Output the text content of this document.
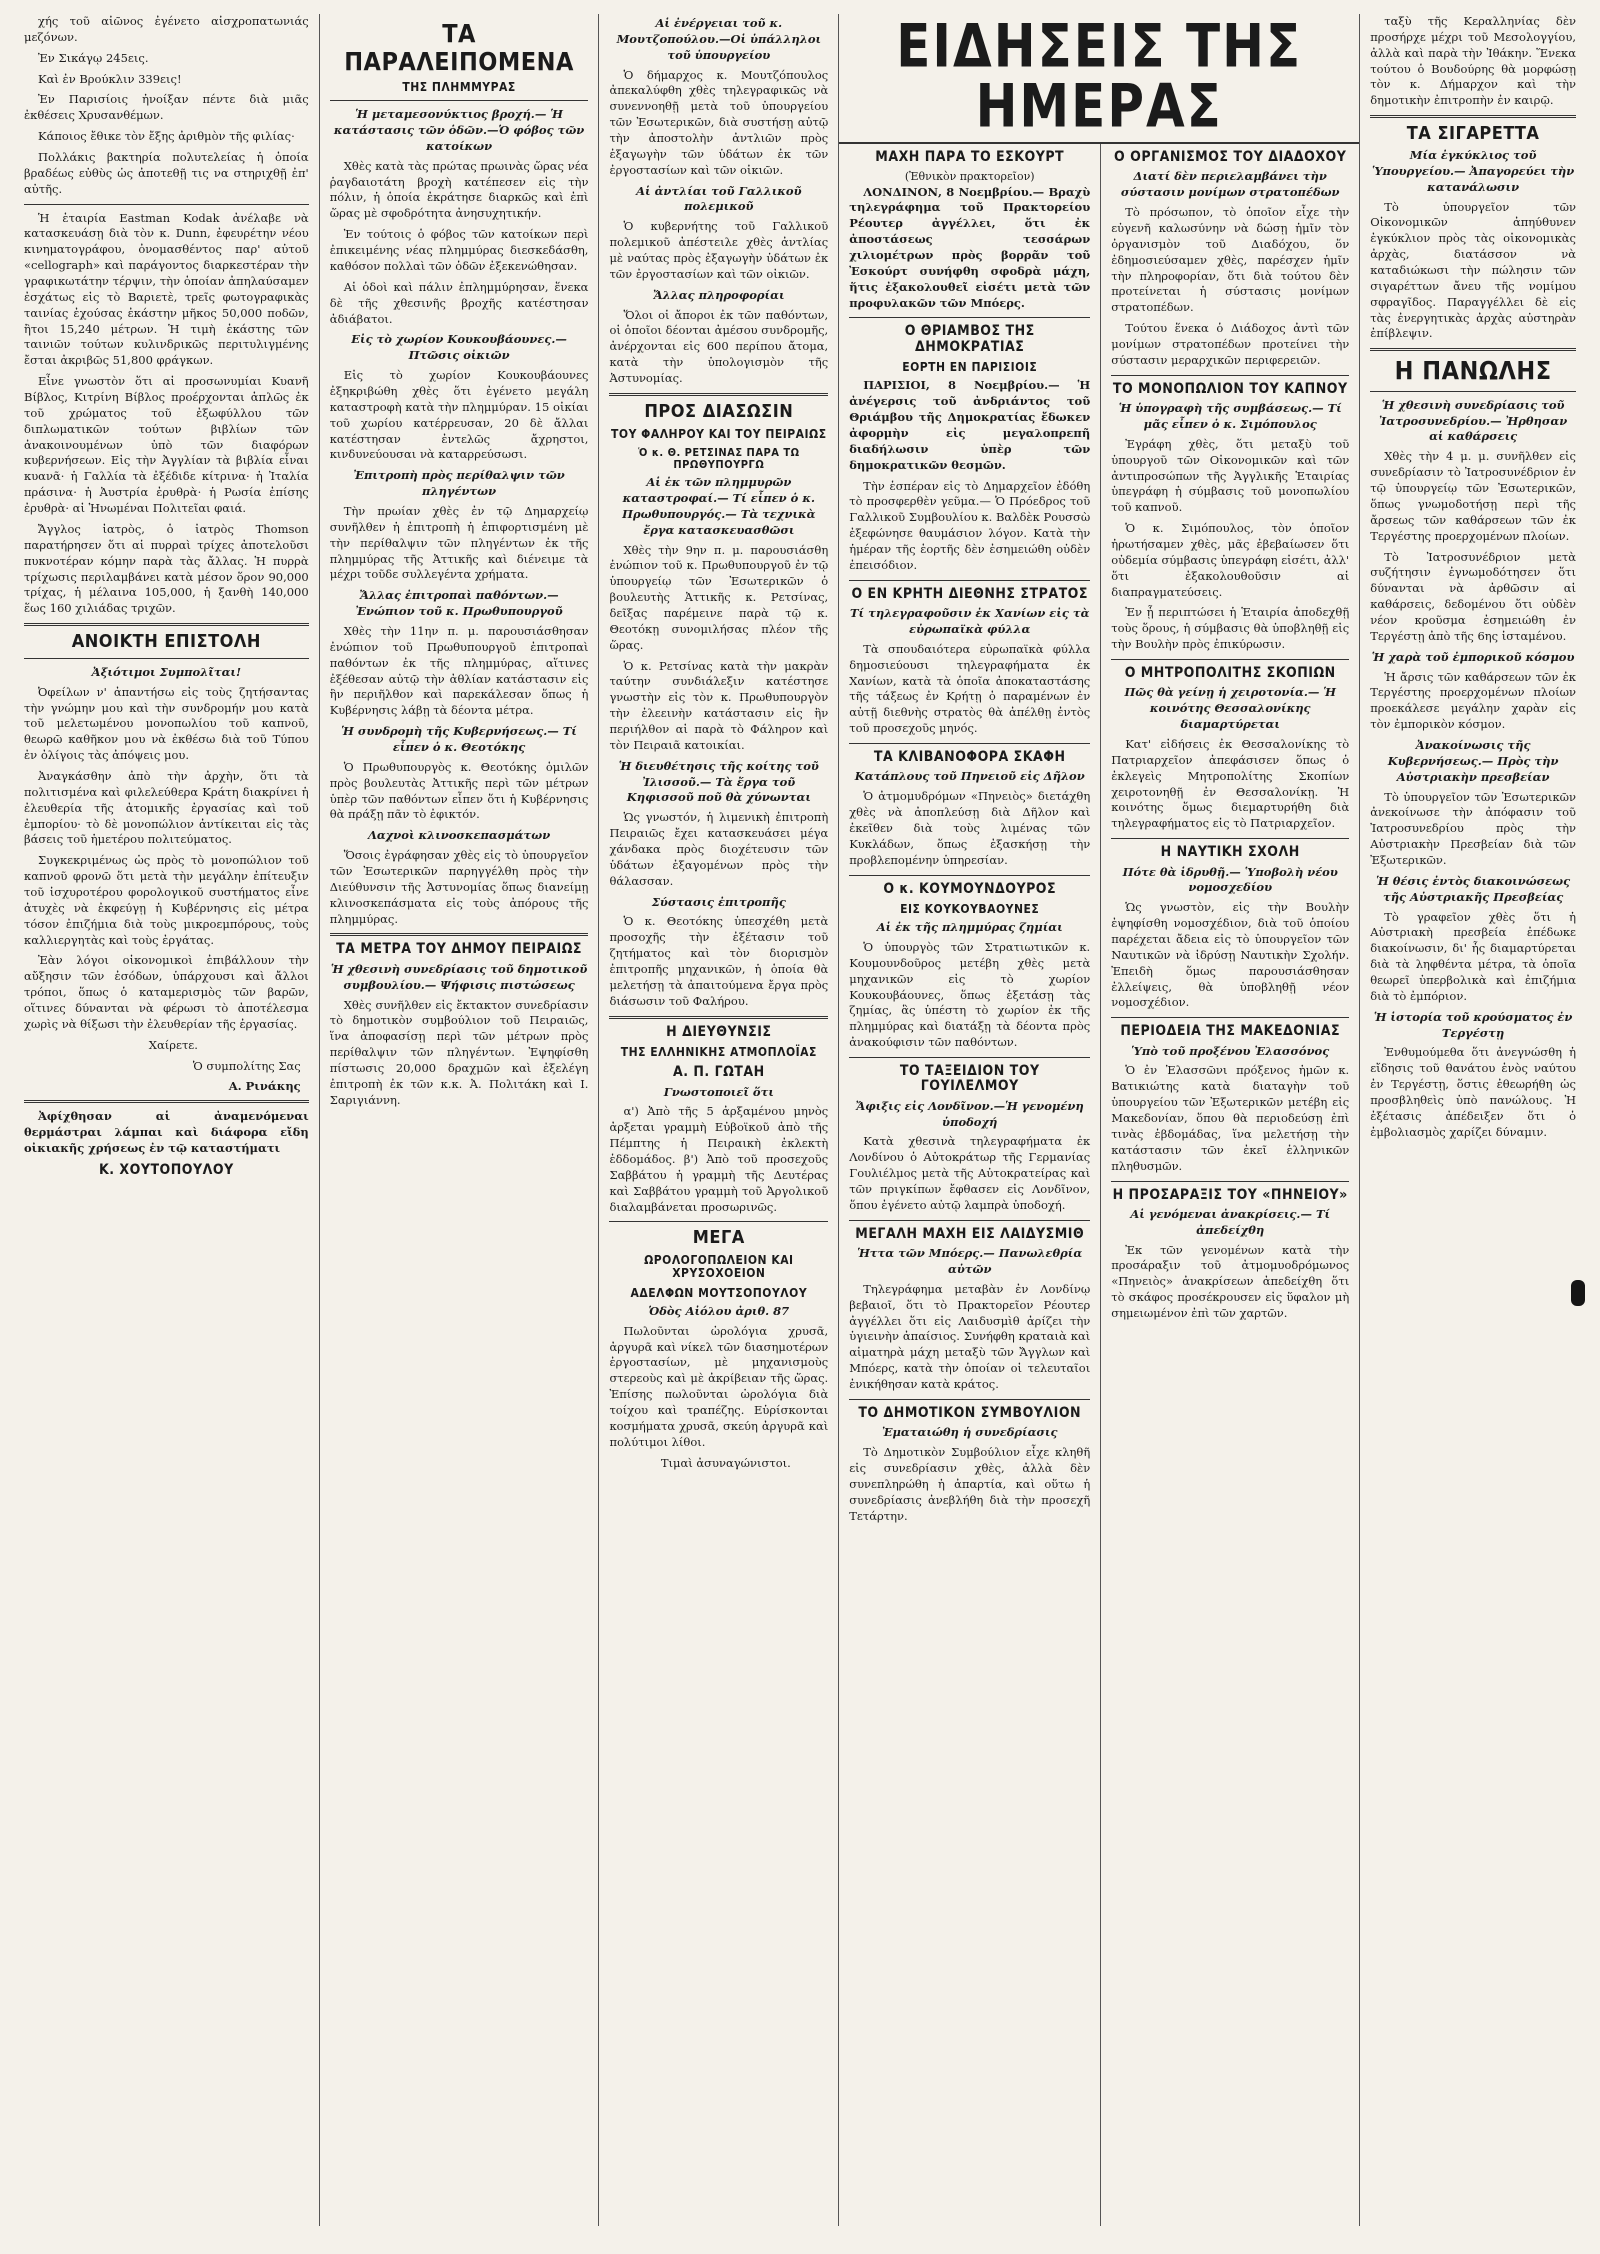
χής τοῦ αἰῶνος ἐγένετο αἰσχροπατωνιάς μεζόνων.

Ἐν Σικάγῳ 245εις.

Καὶ ἐν Βρούκλιν 339εις!

Ἐν Παρισίοις ἠνοίξαν πέντε διὰ μιᾶς ἐκθέσεις Χρυσανθέμων.

Κάποιος ἔθικε τὸν ἔξης ἀριθμὸν τῆς φιλίας·

Πολλάκις βακτηρία πολυτελείας ἡ ὁποία βραδέως εὐθὺς ὡς ἀποτεθῇ τις να στηριχθῇ ἐπ' αὐτῆς.

Ἡ ἑταιρία Eastman Kodak ἀνέλαβε νὰ κατασκευάσῃ διὰ τὸν κ. Dunn, ἐφευρέτην νέου κινηματογράφου, ὀνομασθέντος παρ' αὐτοῦ «cellograph» καὶ παράγοντος διαρκεστέραν τὴν γραφικωτάτην τέρψιν, τὴν ὁποίαν ἀπηλαύσαμεν ἐσχάτως εἰς τὸ Βαριετὲ, τρεῖς φωτογραφικὰς ταινίας ἐχούσας ἐκάστην μῆκος 50,000 ποδῶν, ἢτοι 15,240 μέτρων. Ἡ τιμὴ ἑκάστης τῶν ταινιῶν τούτων κυλινδρικῶς περιτυλιγμένης ἔσται ἀκριβῶς 51,800 φράγκων.

Εἶνε γνωστὸν ὅτι αἱ προσωνυμίαι Κυανῆ Βίβλος, Κιτρίνη Βίβλος προέρχονται ἁπλῶς ἐκ τοῦ χρώματος τοῦ ἐξωφύλλου τῶν διπλωματικῶν τούτων βιβλίων τῶν ἀνακοινουμένων ὑπὸ τῶν διαφόρων κυβερνήσεων. Εἰς τὴν Ἀγγλίαν τὰ βιβλία εἶναι κυανᾶ· ἡ Γαλλία τὰ ἐξέδιδε κίτρινα· ἡ Ἰταλία πράσινα· ἡ Ἀυστρία ἐρυθρὰ· ἡ Ρωσία ἐπίσης ἐρυθρὰ· αἱ Ἡνωμέναι Πολιτεῖαι φαιά.

Ἄγγλος ἰατρὸς, ὁ ἰατρὸς Thomson παρατήρησεν ὅτι αἱ πυρραὶ τρίχες ἀποτελοῦσι πυκνοτέραν κόμην παρὰ τὰς ἄλλας. Ἡ πυρρὰ τρίχωσις περιλαμβάνει κατὰ μέσον ὅρον 90,000 τρίχας, ἡ μέλαινα 105,000, ἡ ξανθὴ 140,000 ἕως 160 χιλιάδας τριχῶν.

ΑΝΟΙΚΤΗ ΕΠΙΣΤΟΛΗ
Ἀξιότιμοι Συμπολῖται!

Ὀφείλων ν' ἀπαντήσω εἰς τοὺς ζητήσαντας τὴν γνώμην μου καὶ τὴν συνδρομήν μου κατὰ τοῦ μελετωμένου μονοπωλίου τοῦ καπνοῦ, θεωρῶ καθῆκον μου νὰ ἐκθέσω διὰ τοῦ Τύπου ἐν ὀλίγοις τὰς ἀπόψεις μου.

Ἀναγκάσθην ἀπὸ τὴν ἀρχὴν, ὅτι τὰ πολιτισμένα καὶ φιλελεύθερα Κράτη διακρίνει ἡ ἐλευθερία τῆς ἀτομικῆς ἐργασίας καὶ τοῦ ἐμπορίου· τὸ δὲ μονοπώλιον ἀντίκειται εἰς τὰς βάσεις τοῦ ἡμετέρου πολιτεύματος.

Συγκεκριμένως ὡς πρὸς τὸ μονοπώλιον τοῦ καπνοῦ φρονῶ ὅτι μετὰ τὴν μεγάλην ἐπίτευξιν τοῦ ἰσχυροτέρου φορολογικοῦ συστήματος εἶνε ἀτυχὲς νὰ ἐκφεύγῃ ἡ Κυβέρνησις εἰς μέτρα τόσον ἐπιζήμια διὰ τοὺς μικροεμπόρους, τοὺς καλλιεργητὰς καὶ τοὺς ἐργάτας.

Ἐὰν λόγοι οἰκονομικοὶ ἐπιβάλλουν τὴν αὔξησιν τῶν ἐσόδων, ὑπάρχουσι καὶ ἄλλοι τρόποι, ὅπως ὁ καταμερισμὸς τῶν βαρῶν, οἵτινες δύνανται νὰ φέρωσι τὸ ἀποτέλεσμα χωρὶς νὰ θίξωσι τὴν ἐλευθερίαν τῆς ἐργασίας.

Χαίρετε.

Ὁ συμπολίτης Σας
Α. Ρινάκης

Ἀφίχθησαν αἱ ἀναμενόμεναι θερμάστραι λάμπαι καὶ διάφορα εἴδη οἰκιακῆς χρήσεως ἐν τῷ καταστήματι

Κ. ΧΟΥΤΟΠΟΥΛΟΥ
ΤΑ ΠΑΡΑΛΕΙΠΟΜΕΝΑ
ΤΗΣ ΠΛΗΜΜΥΡΑΣ
Ἡ μεταμεσονύκτιος βροχή.— Ἡ κατάστασις τῶν ὁδῶν.—Ὁ φόβος τῶν κατοίκων

Χθὲς κατὰ τὰς πρώτας πρωινὰς ὥρας νέα ῥαγδαιοτάτη βροχὴ κατέπεσεν εἰς τὴν πόλιν, ἡ ὁποία ἐκράτησε διαρκῶς καὶ ἐπὶ ὥρας μὲ σφοδρότητα ἀνησυχητικήν.

Ἐν τούτοις ὁ φόβος τῶν κατοίκων περὶ ἐπικειμένης νέας πλημμύρας διεσκεδάσθη, καθόσον πολλαὶ τῶν ὁδῶν ἐξεκενώθησαν.

Αἱ ὁδοὶ καὶ πάλιν ἐπλημμύρησαν, ἕνεκα δὲ τῆς χθεσινῆς βροχῆς κατέστησαν ἀδιάβατοι.

Εἰς τὸ χωρίον Κουκουβάουνες.—Πτῶσις οἰκιῶν

Εἰς τὸ χωρίον Κουκουβάουνες ἐξηκριβώθη χθὲς ὅτι ἐγένετο μεγάλη καταστροφὴ κατὰ τὴν πλημμύραν. 15 οἰκίαι τοῦ χωρίου κατέρρευσαν, 20 δὲ ἄλλαι κατέστησαν ἐντελῶς ἄχρηστοι, κινδυνεύουσαι νὰ καταρρεύσωσι.

Ἐπιτροπὴ πρὸς περίθαλψιν τῶν πληγέντων

Τὴν πρωίαν χθὲς ἐν τῷ Δημαρχείῳ συνῆλθεν ἡ ἐπιτροπὴ ἡ ἐπιφορτισμένη μὲ τὴν περίθαλψιν τῶν πληγέντων ἐκ τῆς πλημμύρας τῆς Ἀττικῆς καὶ διένειμε τὰ μέχρι τοῦδε συλλεγέντα χρήματα.

Ἄλλας ἐπιτροπαὶ παθόντων.— Ἐνώπιον τοῦ κ. Πρωθυπουργοῦ

Χθὲς τὴν 11ην π. μ. παρουσιάσθησαν ἐνώπιον τοῦ Πρωθυπουργοῦ ἐπιτροπαὶ παθόντων ἐκ τῆς πλημμύρας, αἵτινες ἐξέθεσαν αὐτῷ τὴν ἀθλίαν κατάστασιν εἰς ἣν περιῆλθον καὶ παρεκάλεσαν ὅπως ἡ Κυβέρνησις λάβῃ τὰ δέοντα μέτρα.

Ἡ συνδρομὴ τῆς Κυβερνήσεως.— Τί εἶπεν ὁ κ. Θεοτόκης

Ὁ Πρωθυπουργὸς κ. Θεοτόκης ὁμιλῶν πρὸς βουλευτὰς Ἀττικῆς περὶ τῶν μέτρων ὑπὲρ τῶν παθόντων εἶπεν ὅτι ἡ Κυβέρνησις θὰ πράξῃ πᾶν τὸ ἐφικτόν.

Λαχνοὶ κλινοσκεπασμάτων

Ὅσοις ἐγράφησαν χθὲς εἰς τὸ ὑπουργεῖον τῶν Ἐσωτερικῶν παρηγγέλθη πρὸς τὴν Διεύθυνσιν τῆς Ἀστυνομίας ὅπως διανείμῃ κλινοσκεπάσματα εἰς τοὺς ἀπόρους τῆς πλημμύρας.

ΤΑ ΜΕΤΡΑ ΤΟΥ ΔΗΜΟΥ ΠΕΙΡΑΙΩΣ
Ἡ χθεσινὴ συνεδρίασις τοῦ δημοτικοῦ συμβουλίου.— Ψήφισις πιστώσεως

Χθὲς συνῆλθεν εἰς ἔκτακτον συνεδρίασιν τὸ δημοτικὸν συμβούλιον τοῦ Πειραιῶς, ἵνα ἀποφασίσῃ περὶ τῶν μέτρων πρὸς περίθαλψιν τῶν πληγέντων. Ἐψηφίσθη πίστωσις 20,000 δραχμῶν καὶ ἐξελέγη ἐπιτροπὴ ἐκ τῶν κ.κ. Ἀ. Πολιτάκη καὶ Ι. Σαριγιάννη.

Αἱ ἐνέργειαι τοῦ κ. Μουτζοπούλου.—Οἱ ὑπάλληλοι τοῦ ὑπουργείου

Ὁ δήμαρχος κ. Μουτζόπουλος ἀπεκαλύφθη χθὲς τηλεγραφικῶς νὰ συνεννοηθῇ μετὰ τοῦ ὑπουργείου τῶν Ἐσωτερικῶν, διὰ συστήσῃ αὐτῷ τὴν ἀποστολὴν ἀντλιῶν πρὸς ἐξαγωγὴν τῶν ὑδάτων ἐκ τῶν ἐργοστασίων καὶ τῶν οἰκιῶν.

Αἱ ἀντλίαι τοῦ Γαλλικοῦ πολεμικοῦ

Ὁ κυβερνήτης τοῦ Γαλλικοῦ πολεμικοῦ ἀπέστειλε χθὲς ἀντλίας μὲ ναύτας πρὸς ἐξαγωγὴν ὑδάτων ἐκ τῶν ἐργοστασίων καὶ τῶν οἰκιῶν.

Ἄλλας πληροφορίαι

Ὅλοι οἱ ἄποροι ἐκ τῶν παθόντων, οἱ ὁποῖοι δέονται ἀμέσου συνδρομῆς, ἀνέρχονται εἰς 600 περίπου ἄτομα, κατὰ τὴν ὑπολογισμὸν τῆς Ἀστυνομίας.

ΠΡΟΣ ΔΙΑΣΩΣΙΝ
ΤΟΥ ΦΑΛΗΡΟΥ ΚΑΙ ΤΟΥ ΠΕΙΡΑΙΩΣ
Ὁ κ. Θ. ΡΕΤΣΙΝΑΣ ΠΑΡΑ ΤΩ ΠΡΩΘΥΠΟΥΡΓΩ
Αἱ ἐκ τῶν πλημμυρῶν καταστροφαί.— Τί εἶπεν ὁ κ. Πρωθυπουργός.— Τὰ τεχνικὰ ἔργα κατασκευασθῶσι

Χθὲς τὴν 9ην π. μ. παρουσιάσθη ἐνώπιον τοῦ κ. Πρωθυπουργοῦ ἐν τῷ ὑπουργείῳ τῶν Ἐσωτερικῶν ὁ βουλευτὴς Ἀττικῆς κ. Ρετσίνας, δεῖξας παρέμεινε παρὰ τῷ κ. Θεοτόκῃ συνομιλήσας πλέον τῆς ὥρας.

Ὁ κ. Ρετσίνας κατὰ τὴν μακρὰν ταύτην συνδιάλεξιν κατέστησε γνωστὴν εἰς τὸν κ. Πρωθυπουργὸν τὴν ἐλεεινὴν κατάστασιν εἰς ἣν περιήλθον αἱ παρὰ τὸ Φάληρον καὶ τὸν Πειραιᾶ κατοικίαι.

Ἡ διευθέτησις τῆς κοίτης τοῦ Ἰλισσοῦ.— Τὰ ἔργα τοῦ Κηφισσοῦ ποῦ θὰ χύνωνται

Ὡς γνωστόν, ἡ λιμενικὴ ἐπιτροπὴ Πειραιῶς ἔχει κατασκευάσει μέγα χάνδακα πρὸς διοχέτευσιν τῶν ὑδάτων ἐξαγομένων πρὸς τὴν θάλασσαν.

Σύστασις ἐπιτροπῆς

Ὁ κ. Θεοτόκης ὑπεσχέθη μετὰ προσοχῆς τὴν ἐξέτασιν τοῦ ζητήματος καὶ τὸν διορισμὸν ἐπιτροπῆς μηχανικῶν, ἡ ὁποία θὰ μελετήσῃ τὰ ἀπαιτούμενα ἔργα πρὸς διάσωσιν τοῦ Φαλήρου.

Η ΔΙΕΥΘΥΝΣΙΣ
ΤΗΣ ΕΛΛΗΝΙΚΗΣ ΑΤΜΟΠΛΟΪΑΣ
Α. Π. ΓΩΤΑΗ
Γνωστοποιεῖ ὅτι

α') Ἀπὸ τῆς 5 ἀρξαμένου μηνὸς ἀρξεται γραμμὴ Εὐβοϊκοῦ ἀπὸ τῆς Πέμπτης ἡ Πειραικὴ ἐκλεκτὴ ἑδδομάδος. β') Ἀπὸ τοῦ προσεχοῦς Σαββάτου ἡ γραμμὴ τῆς Δευτέρας καὶ Σαββάτου γραμμὴ τοῦ Ἀργολικοῦ διαλαμβάνεται προσωρινῶς.

ΜΕΓΑ
ΩΡΟΛΟΓΟΠΩΛΕΙΟΝ ΚΑΙ ΧΡΥΣΟΧΟΕΙΟΝ
ΑΔΕΛΦΩΝ ΜΟΥΤΣΟΠΟΥΛΟΥ
Ὁδὸς Αἰόλου ἀριθ. 87

Πωλοῦνται ὡρολόγια χρυσᾶ, ἀργυρᾶ καὶ νίκελ τῶν διασημοτέρων ἐργοστασίων, μὲ μηχανισμοὺς στερεοὺς καὶ μὲ ἀκρίβειαν τῆς ὥρας. Ἐπίσης πωλοῦνται ὡρολόγια διὰ τοίχου καὶ τραπέζης. Εὑρίσκονται κοσμήματα χρυσᾶ, σκεύη ἀργυρᾶ καὶ πολύτιμοι λίθοι.

Τιμαὶ ἀσυναγώνιστοι.

ΕΙΔΗΣΕΙΣ ΤΗΣ ΗΜΕΡΑΣ
ΜΑΧΗ ΠΑΡΑ ΤΟ ΕΣΚΟΥΡΤ
(Ἐθνικὸν πρακτορεῖον)

ΛΟΝΔΙΝΟΝ, 8 Νοεμβρίου.— Βραχὺ τηλεγράφημα τοῦ Πρακτορείου Ρέουτερ ἀγγέλλει, ὅτι ἐκ ἀποστάσεως τεσσάρων χιλιομέτρων πρὸς βορρᾶν τοῦ Ἐσκούρτ συνήφθη σφοδρὰ μάχη, ἥτις ἐξακολουθεῖ εἰσέτι μετὰ τῶν προφυλακῶν τῶν Μπόερς.

Ο ΘΡΙΑΜΒΟΣ ΤΗΣ ΔΗΜΟΚΡΑΤΙΑΣ
ΕΟΡΤΗ ΕΝ ΠΑΡΙΣΙΟΙΣ

ΠΑΡΙΣΙΟΙ, 8 Νοεμβρίου.— Ἡ ἀνέγερσις τοῦ ἀνδριάντος τοῦ Θριάμβου τῆς Δημοκρατίας ἔδωκεν ἀφορμὴν εἰς μεγαλοπρεπῆ διαδήλωσιν ὑπὲρ τῶν δημοκρατικῶν θεσμῶν.

Τὴν ἑσπέραν εἰς τὸ Δημαρχεῖον ἐδόθη τὸ προσφερθὲν γεῦμα.— Ὁ Πρόεδρος τοῦ Γαλλικοῦ Συμβουλίου κ. Βαλδὲκ Ρουσσὼ ἐξεφώνησε θαυμάσιον λόγον. Κατὰ τὴν ἡμέραν τῆς ἑορτῆς δὲν ἐσημειώθη οὐδὲν ἐπεισόδιον.

Ο ΕΝ ΚΡΗΤΗ ΔΙΕΘΝΗΣ ΣΤΡΑΤΟΣ
Τί τηλεγραφοῦσιν ἐκ Χανίων εἰς τὰ εὐρωπαϊκὰ φύλλα

Τὰ σπουδαιότερα εὐρωπαϊκὰ φύλλα δημοσιεύουσι τηλεγραφήματα ἐκ Χανίων, κατὰ τὰ ὁποῖα ἀποκαταστάσης τῆς τάξεως ἐν Κρήτῃ ὁ παραμένων ἐν αὐτῇ διεθνὴς στρατὸς θὰ ἀπέλθῃ ἐντὸς τοῦ προσεχοῦς μηνός.

ΤΑ ΚΛΙΒΑΝΟΦΟΡΑ ΣΚΑΦΗ
Κατάπλους τοῦ Πηνειοῦ εἰς Δῆλον

Ὁ ἀτμομυδρόμων «Πηνειὸς» διετάχθη χθὲς νὰ ἀποπλεύσῃ διὰ Δῆλον καὶ ἐκεῖθεν διὰ τοὺς λιμένας τῶν Κυκλάδων, ὅπως ἐξασκήσῃ τὴν προβλεπομένην ὑπηρεσίαν.

Ο κ. ΚΟΥΜΟΥΝΔΟΥΡΟΣ
ΕΙΣ ΚΟΥΚΟΥΒΑΟΥΝΕΣ
Αἱ ἐκ τῆς πλημμύρας ζημίαι

Ὁ ὑπουργὸς τῶν Στρατιωτικῶν κ. Κουμουνδοῦρος μετέβη χθὲς μετὰ μηχανικῶν εἰς τὸ χωρίον Κουκουβάουνες, ὅπως ἐξετάσῃ τὰς ζημίας, ἃς ὑπέστη τὸ χωρίον ἐκ τῆς πλημμύρας καὶ διατάξῃ τὰ δέοντα πρὸς ἀνακούφισιν τῶν παθόντων.

ΤΟ ΤΑΞΕΙΔΙΟΝ ΤΟΥ ΓΟΥΙΛΕΛΜΟΥ
Ἄφιξις εἰς Λονδῖνον.—Ἡ γενομένη ὑποδοχή

Κατὰ χθεσινὰ τηλεγραφήματα ἐκ Λονδίνου ὁ Αὐτοκράτωρ τῆς Γερμανίας Γουλιέλμος μετὰ τῆς Αὐτοκρατείρας καὶ τῶν πριγκίπων ἔφθασεν εἰς Λονδῖνον, ὅπου ἐγένετο αὐτῷ λαμπρὰ ὑποδοχή.

ΜΕΓΑΛΗ ΜΑΧΗ ΕΙΣ ΛΑΙΔΥΣΜΙΘ
Ἡττα τῶν Μπόερς.— Πανωλεθρία αὐτῶν

Τηλεγράφημα μεταβὰν ἐν Λονδίνῳ βεβαιοῖ, ὅτι τὸ Πρακτορεῖον Ρέουτερ ἀγγέλλει ὅτι εἰς Λαιδυσμὶθ ἀρίζει τὴν ὑγιεινὴν ἀπαίσιος. Συνήφθη κραταιὰ καὶ αἱματηρὰ μάχη μεταξὺ τῶν Ἄγγλων καὶ Μπόερς, κατὰ τὴν ὁποίαν οἱ τελευταῖοι ἐνικήθησαν κατὰ κράτος.

ΤΟ ΔΗΜΟΤΙΚΟΝ ΣΥΜΒΟΥΛΙΟΝ
Ἐματαιώθη ἡ συνεδρίασις

Τὸ Δημοτικὸν Συμβούλιον εἶχε κληθῆ εἰς συνεδρίασιν χθὲς, ἀλλὰ δὲν συνεπληρώθη ἡ ἀπαρτία, καὶ οὕτω ἡ συνεδρίασις ἀνεβλήθη διὰ τὴν προσεχῆ Τετάρτην.

Ο ΟΡΓΑΝΙΣΜΟΣ ΤΟΥ ΔΙΑΔΟΧΟΥ
Διατί δὲν περιελαμβάνει τὴν σύστασιν μονίμων στρατοπέδων

Τὸ πρόσωπον, τὸ ὁποῖον εἶχε τὴν εὐγενῆ καλωσύνην νὰ δώσῃ ἡμῖν τὸν ὀργανισμὸν τοῦ Διαδόχου, ὅν ἐδημοσιεύσαμεν χθὲς, παρέσχεν ἡμῖν τὴν πληροφορίαν, ὅτι διὰ τούτου δὲν προτείνεται ἡ σύστασις μονίμων στρατοπέδων.

Τούτου ἕνεκα ὁ Διάδοχος ἀντὶ τῶν μονίμων στρατοπέδων προτείνει τὴν σύστασιν μεραρχικῶν περιφερειῶν.

ΤΟ ΜΟΝΟΠΩΛΙΟΝ ΤΟΥ ΚΑΠΝΟΥ
Ἡ ὑπογραφὴ τῆς συμβάσεως.— Τί μᾶς εἶπεν ὁ κ. Σιμόπουλος

Ἐγράφη χθὲς, ὅτι μεταξὺ τοῦ ὑπουργοῦ τῶν Οἰκονομικῶν καὶ τῶν ἀντιπροσώπων τῆς Ἀγγλικῆς Ἑταιρίας ὑπεγράφη ἡ σύμβασις τοῦ μονοπωλίου τοῦ καπνοῦ.

Ὁ κ. Σιμόπουλος, τὸν ὁποῖον ἠρωτήσαμεν χθὲς, μᾶς ἐβεβαίωσεν ὅτι οὐδεμία σύμβασις ὑπεγράφη εἰσέτι, ἀλλ' ὅτι ἐξακολουθοῦσιν αἱ διαπραγματεύσεις.

Ἐν ᾗ περιπτώσει ἡ Ἑταιρία ἀποδεχθῇ τοὺς ὅρους, ἡ σύμβασις θὰ ὑποβληθῇ εἰς τὴν Βουλὴν πρὸς ἐπικύρωσιν.

Ο ΜΗΤΡΟΠΟΛΙΤΗΣ ΣΚΟΠΙΩΝ
Πῶς θὰ γείνῃ ἡ χειροτονία.— Ἡ κοινότης Θεσσαλονίκης διαμαρτύρεται

Κατ' εἰδήσεις ἐκ Θεσσαλονίκης τὸ Πατριαρχεῖον ἀπεφάσισεν ὅπως ὁ ἐκλεγεὶς Μητροπολίτης Σκοπίων χειροτονηθῇ ἐν Θεσσαλονίκῃ. Ἡ κοινότης ὅμως διεμαρτυρήθη διὰ τηλεγραφήματος εἰς τὸ Πατριαρχεῖον.

Η ΝΑΥΤΙΚΗ ΣΧΟΛΗ
Πότε θὰ ἱδρυθῇ.— Ὑποβολὴ νέου νομοσχεδίου

Ὡς γνωστὸν, εἰς τὴν Βουλὴν ἐψηφίσθη νομοσχέδιον, διὰ τοῦ ὁποίου παρέχεται ἄδεια εἰς τὸ ὑπουργεῖον τῶν Ναυτικῶν νὰ ἱδρύσῃ Ναυτικὴν Σχολήν. Ἐπειδὴ ὅμως παρουσιάσθησαν ἐλλείψεις, θὰ ὑποβληθῇ νέον νομοσχέδιον.

ΠΕΡΙΟΔΕΙΑ ΤΗΣ ΜΑΚΕΔΟΝΙΑΣ
Ὑπὸ τοῦ προξένου Ἐλασσόνος

Ὁ ἐν Ἐλασσῶνι πρόξενος ἡμῶν κ. Βατικιώτης κατὰ διαταγὴν τοῦ ὑπουργείου τῶν Ἐξωτερικῶν μετέβη εἰς Μακεδονίαν, ὅπου θὰ περιοδεύσῃ ἐπὶ τινὰς ἑβδομάδας, ἵνα μελετήσῃ τὴν κατάστασιν τῶν ἐκεῖ ἑλληνικῶν πληθυσμῶν.

Η ΠΡΟΣΑΡΑΞΙΣ ΤΟΥ «ΠΗΝΕΙΟΥ»
Αἱ γενόμεναι ἀνακρίσεις.— Τί ἀπεδείχθη

Ἐκ τῶν γενομένων κατὰ τὴν προσάραξιν τοῦ ἀτμομυοδρόμωνος «Πηνειὸς» ἀνακρίσεων ἀπεδείχθη ὅτι τὸ σκάφος προσέκρουσεν εἰς ὕφαλον μὴ σημειωμένον ἐπὶ τῶν χαρτῶν.

ταξὺ τῆς Κεραλληνίας δὲν προσήρχε μέχρι τοῦ Μεσολογγίου, ἀλλὰ καὶ παρὰ τὴν Ἰθάκην. Ἕνεκα τούτου ὁ Βουδούρης θὰ μορφώσῃ τὸν κ. Δήμαρχον καὶ τὴν δημοτικὴν ἐπιτροπὴν ἐν καιρῷ.

ΤΑ ΣΙΓΑΡΕΤΤΑ
Μία ἐγκύκλιος τοῦ Ὑπουργείου.— Ἀπαγορεύει τὴν κατανάλωσιν

Τὸ ὑπουργεῖον τῶν Οἰκονομικῶν ἀπηύθυνεν ἐγκύκλιον πρὸς τὰς οἰκονομικὰς ἀρχὰς, διατάσσον νὰ καταδιώκωσι τὴν πώλησιν τῶν σιγαρέττων ἄνευ τῆς νομίμου σφραγῖδος. Παραγγέλλει δὲ εἰς τὰς ἐνεργητικὰς ἀρχὰς αὐστηρὰν ἐπίβλεψιν.

Η ΠΑΝΩΛΗΣ
Ἡ χθεσινὴ συνεδρίασις τοῦ Ἰατροσυνεδρίου.— Ἠρθησαν αἱ καθάρσεις

Χθὲς τὴν 4 μ. μ. συνῆλθεν εἰς συνεδρίασιν τὸ Ἰατροσυνέδριον ἐν τῷ ὑπουργείῳ τῶν Ἐσωτερικῶν, ὅπως γνωμοδοτήσῃ περὶ τῆς ἄρσεως τῶν καθάρσεων τῶν ἐκ Τεργέστης προερχομένων πλοίων.

Τὸ Ἰατροσυνέδριον μετὰ συζήτησιν ἐγνωμοδότησεν ὅτι δύνανται νὰ ἀρθῶσιν αἱ καθάρσεις, δεδομένου ὅτι οὐδὲν νέον κροῦσμα ἐσημειώθη ἐν Τεργέστῃ ἀπὸ τῆς 6ης ἰσταμένου.

Ἡ χαρὰ τοῦ ἐμπορικοῦ κόσμου

Ἡ ἄρσις τῶν καθάρσεων τῶν ἐκ Τεργέστης προερχομένων πλοίων προεκάλεσε μεγάλην χαρὰν εἰς τὸν ἐμπορικὸν κόσμον.

Ἀνακοίνωσις τῆς Κυβερνήσεως.— Πρὸς τὴν Αὐστριακὴν πρεσβείαν

Τὸ ὑπουργεῖον τῶν Ἐσωτερικῶν ἀνεκοίνωσε τὴν ἀπόφασιν τοῦ Ἰατροσυνεδρίου πρὸς τὴν Αὐστριακὴν Πρεσβείαν διὰ τῶν Ἐξωτερικῶν.

Ἡ θέσις ἐντὸς διακοινώσεως τῆς Αὐστριακῆς Πρεσβείας

Τὸ γραφεῖον χθὲς ὅτι ἡ Αὐστριακὴ πρεσβεία ἐπέδωκε διακοίνωσιν, δι' ἧς διαμαρτύρεται διὰ τὰ ληφθέντα μέτρα, τὰ ὁποῖα θεωρεῖ ὑπερβολικὰ καὶ ἐπιζήμια διὰ τὸ ἐμπόριον.

Ἡ ἱστορία τοῦ κρούσματος ἐν Τεργέστῃ

Ἐνθυμούμεθα ὅτι ἀνεγνώσθη ἡ εἴδησις τοῦ θανάτου ἑνὸς ναύτου ἐν Τεργέστῃ, ὅστις ἐθεωρήθη ὡς προσβληθεὶς ὑπὸ πανώλους. Ἡ ἐξέτασις ἀπέδειξεν ὅτι ὁ ἐμβολιασμὸς χαρίζει δύναμιν.
